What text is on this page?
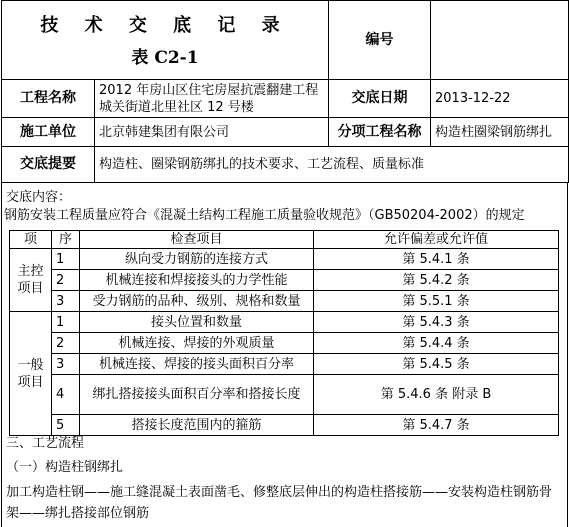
技 术 交 底 记 录
表 C2-1		编号	
工程名称	2012 年房山区住宅房屋抗震翻建工程城关街道北里社区 12 号楼	交底日期	2013-12-22
施工单位	北京韩建集团有限公司	分项工程名称	构造柱圈梁钢筋绑扎
交底提要	构造柱、圈梁钢筋绑扎的技术要求、工艺流程、质量标准		
交底内容：
钢筋安装工程质量应符合《混凝土结构工程施工质量验收规范》（GB50204-2002）的规定
三、工艺流程
（一）构造柱钢绑扎
加工构造柱钢——施工缝混凝土表面凿毛、修整底层伸出的构造柱搭接筋——安装构造柱钢筋骨架——绑扎搭接部位钢筋
项	序	检查项目	允许偏差或允许值
主控项目	1	纵向受力钢筋的连接方式	第 5.4.1 条
	2	机械连接和焊接接头的力学性能	第 5.4.2 条
	3	受力钢筋的品种、级别、规格和数量	第 5.5.1 条
一般项目	1	接头位置和数量	第 5.4.3 条
	2	机械连接、焊接的外观质量	第 5.4.4 条
	3	机械连接、焊接的接头面积百分率	第 5.4.5 条
	4	绑扎搭接接头面积百分率和搭接长度	第 5.4.6 条 附录 B
	5	搭接长度范围内的箍筋	第 5.4.7 条
